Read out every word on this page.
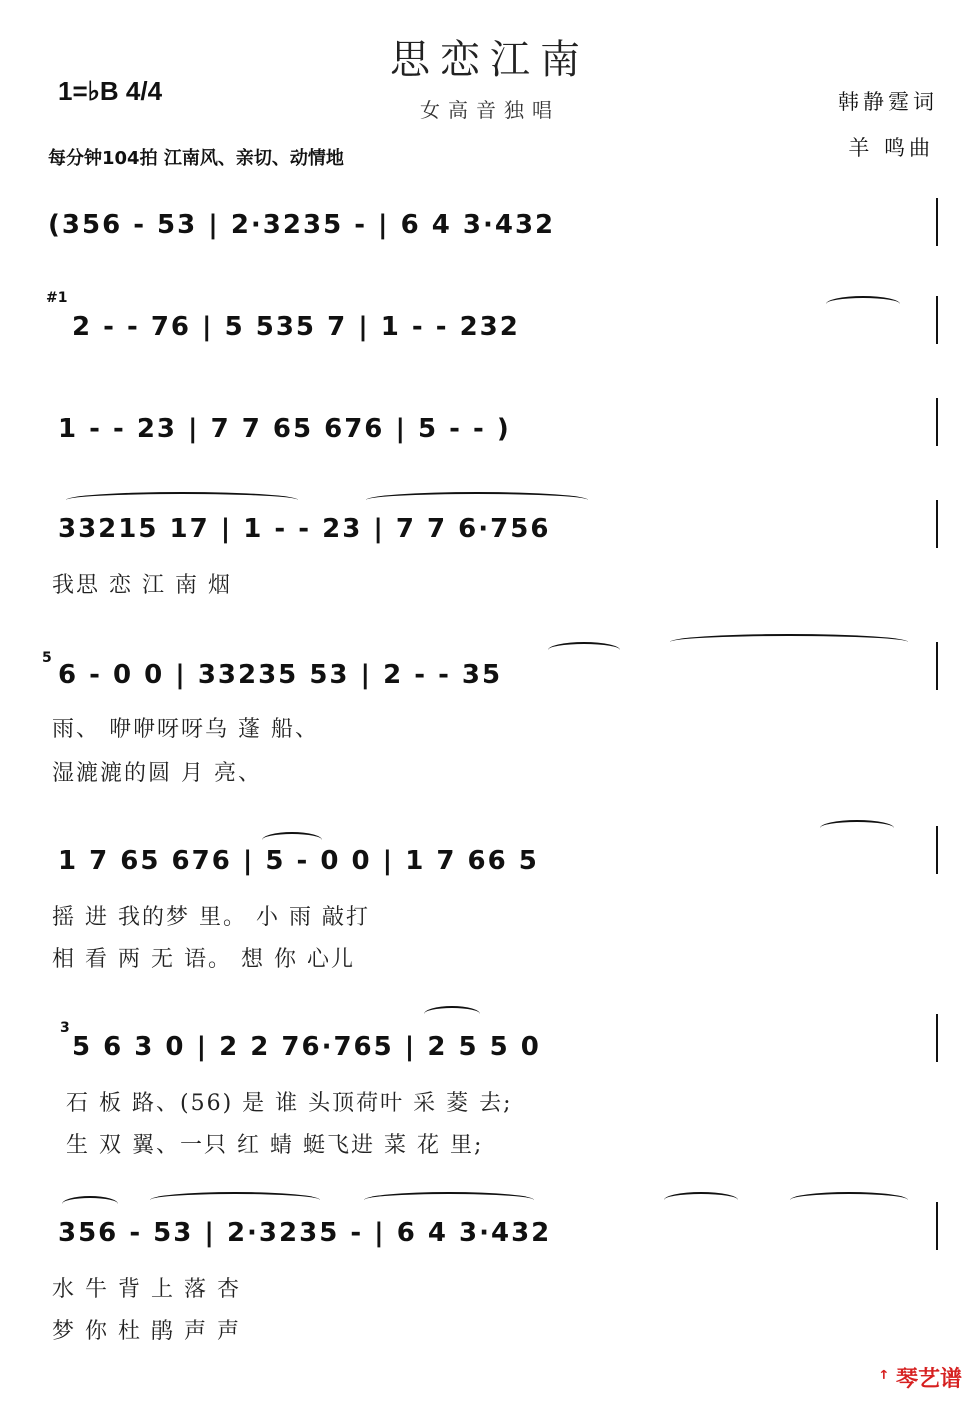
思恋江南
女高音独唱
1=♭B 4/4	韩静霆词
羊 鸣曲
每分钟104拍 江南风、亲切、动情地
(356 - 53 | 2·3235 - | 6 4 3·432
#1
2 - - 76 | 5 535 7 | 1 - - 232
1 - - 23 | 7 7 65 676 | 5 - - )
33215 17 | 1 - - 23 | 7 7 6·756
我思 恋 江 南 烟
5
6 - 0 0 | 33235 53 | 2 - - 35
雨、 咿咿呀呀乌 蓬 船、
湿漉漉的圆 月 亮、
1 7 65 676 | 5 - 0 0 | 1 7 66 5
摇 进 我的梦 里。 小 雨 敲打
相 看 两 无 语。 想 你 心儿
3
5 6 3 0 | 2 2 76·765 | 2 5 5 0
石 板 路、(56) 是 谁 头顶荷叶 采 菱 去;
生 双 翼、一只 红 蜻 蜓飞进 菜 花 里;
356 - 53 | 2·3235 - | 6 4 3·432
水 牛 背 上 落 杏
梦 你 杜 鹃 声 声
᠌ꜛ 琴艺谱
